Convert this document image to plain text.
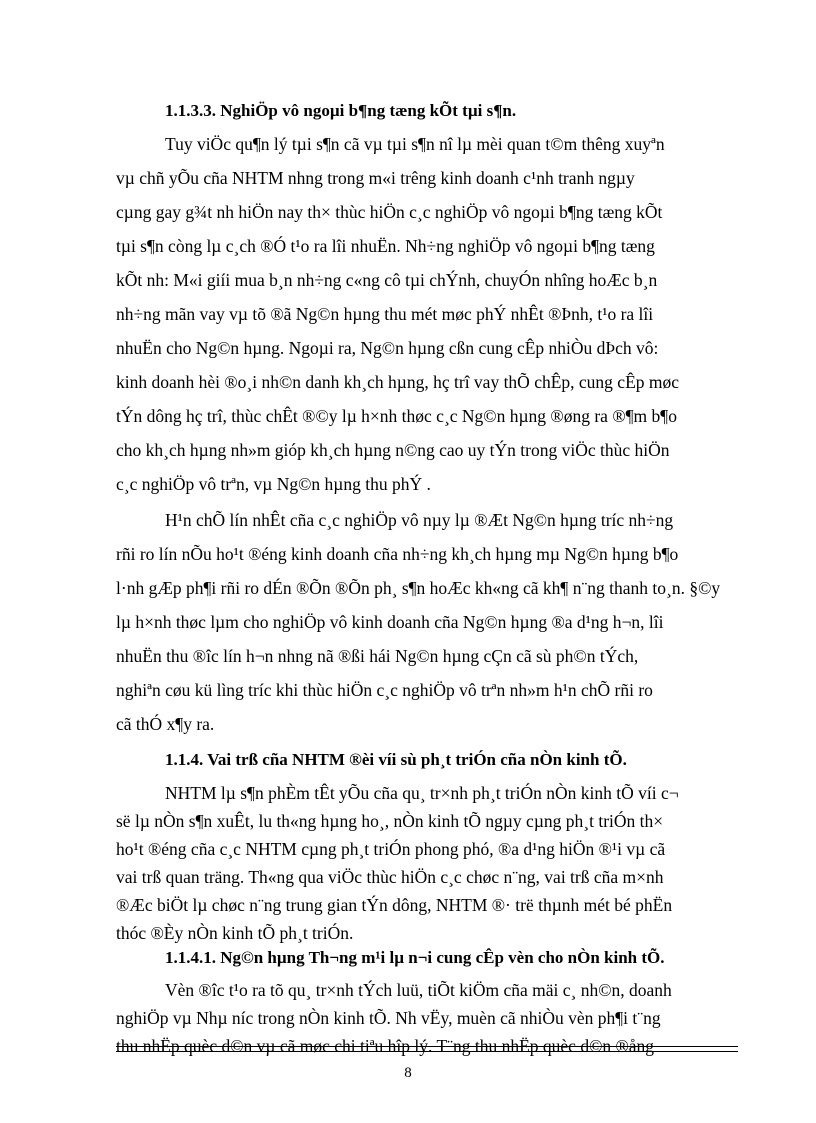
1.1.3.3. NghiÖp vô ngoµi b¶ng tæng kÕt tµi s¶n.
Tuy viÖc qu¶n lý tµi s¶n cã vµ tµi s¶n nî lµ mèi quan t©m thêng xuyªn
vµ chñ yÕu cña NHTM nhng trong m«i trêng kinh doanh c¹nh tranh ngµy
cµng gay g¾t nh hiÖn nay th× thùc hiÖn c¸c nghiÖp vô ngoµi b¶ng tæng kÕt
tµi s¶n còng lµ c¸ch ®Ó t¹o ra lîi nhuËn. Nh÷ng nghiÖp vô ngoµi b¶ng tæng
kÕt nh: M«i giíi mua b¸n nh÷ng c«ng cô tµi chÝnh, chuyÓn nhîng hoÆc b¸n
nh÷ng mãn vay vµ tõ ®ã Ng©n hµng thu mét møc phÝ nhÊt ®Þnh, t¹o ra lîi
nhuËn cho Ng©n hµng. Ngoµi ra, Ng©n hµng cßn cung cÊp nhiÒu dÞch vô:
kinh doanh hèi ®o¸i nh©n danh kh¸ch hµng, hç trî vay thÕ chÊp, cung cÊp møc
tÝn dông hç trî, thùc chÊt ®©y lµ h×nh thøc c¸c Ng©n hµng ®øng ra ®¶m b¶o
cho kh¸ch hµng nh»m gióp kh¸ch hµng n©ng cao uy tÝn trong viÖc thùc hiÖn
c¸c nghiÖp vô trªn, vµ Ng©n hµng thu phÝ .
H¹n chÕ lín nhÊt cña c¸c nghiÖp vô nµy lµ ®Æt Ng©n hµng tríc nh÷ng
rñi ro lín nÕu ho¹t ®éng kinh doanh cña nh÷ng kh¸ch hµng mµ Ng©n hµng b¶o
l·nh gÆp ph¶i rñi ro dÉn ®Õn ®Õn ph¸ s¶n hoÆc kh«ng cã kh¶ n¨ng thanh to¸n. §©y
lµ h×nh thøc lµm cho nghiÖp vô kinh doanh cña Ng©n hµng ®a d¹ng h¬n, lîi
nhuËn thu ®îc lín h¬n nhng nã ®ßi hái Ng©n hµng cÇn cã sù ph©n tÝch,
nghiªn cøu kü lìng tríc khi thùc hiÖn c¸c nghiÖp vô trªn nh»m h¹n chÕ rñi ro
cã thÓ x¶y ra.
1.1.4. Vai trß cña NHTM ®èi víi sù ph¸t triÓn cña nÒn kinh tÕ.
NHTM lµ s¶n phÈm tÊt yÕu cña qu¸ tr×nh ph¸t triÓn nÒn kinh tÕ víi c¬
së lµ nÒn s¶n xuÊt, lu th«ng hµng ho¸, nÒn kinh tÕ ngµy cµng ph¸t triÓn th×
ho¹t ®éng cña c¸c NHTM cµng ph¸t triÓn phong phó, ®a d¹ng hiÖn ®¹i vµ cã
vai trß quan träng. Th«ng qua viÖc thùc hiÖn c¸c chøc n¨ng, vai trß cña m×nh
®Æc biÖt lµ chøc n¨ng trung gian tÝn dông, NHTM ®· trë thµnh mét bé phËn
thóc ®Èy nÒn kinh tÕ ph¸t triÓn.
1.1.4.1. Ng©n hµng Th¬ng m¹i lµ n¬i cung cÊp vèn cho nÒn kinh tÕ.
Vèn ®îc t¹o ra tõ qu¸ tr×nh tÝch luü, tiÕt kiÖm cña mäi c¸ nh©n, doanh
nghiÖp vµ Nhµ níc trong nÒn kinh tÕ. Nh vËy, muèn cã nhiÒu vèn ph¶i t¨ng
thu nhËp quèc d©n vµ cã møc chi tiªu hîp lý. T¨ng thu nhËp quèc d©n ®ång
8
